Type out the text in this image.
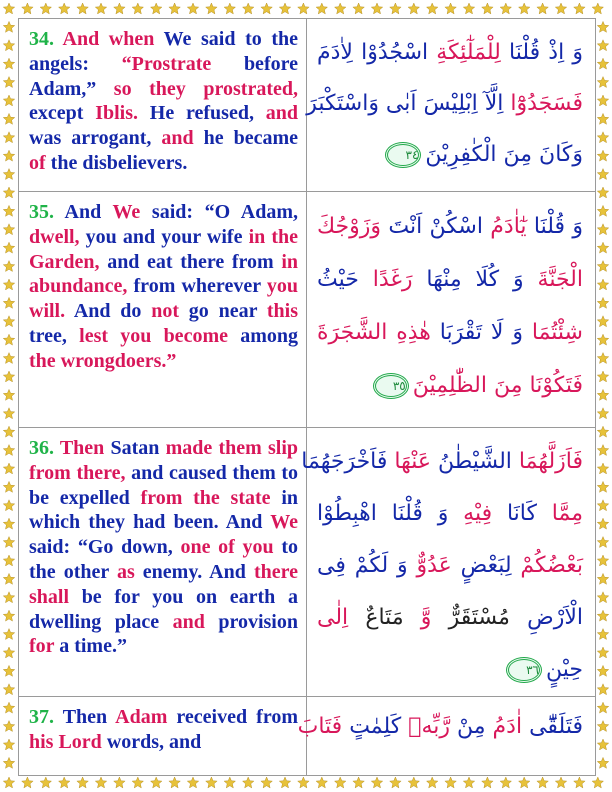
34. And when We said to the angels: “Prostrate before Adam,” so they prostrated, except Iblis. He refused, and was arrogant, and he became of the disbelievers.

وَ اِذْ قُلْنَا لِلْمَلٰٓئِكَةِ اسْجُدُوْا لِاٰدَمَ

فَسَجَدُوْٓا اِلَّآ اِبْلِيْسَ اَبٰى وَاسْتَكْبَرَ

وَكَانَ مِنَ الْكٰفِرِيْنَ٣٤

35. And We said: “O Adam, dwell, you and your wife in the Garden, and eat there from in abundance, from wherever you will. And do not go near this tree, lest you become among the wrongdoers.”

وَ قُلْنَا يٰٓاٰدَمُ اسْكُنْ اَنْتَ وَزَوْجُكَ

الْجَنَّةَ وَ كُلَا مِنْهَا رَغَدًا حَيْثُ

شِئْتُمَا وَ لَا تَقْرَبَا هٰذِهِ الشَّجَرَةَ

فَتَكُوْنَا مِنَ الظّٰلِمِيْنَ٣٥

36. Then Satan made them slip from there, and caused them to be expelled from the state in which they had been. And We said: “Go down, one of you to the other as enemy. And there shall be for you on earth a dwelling place and provision for a time.”

فَاَزَلَّهُمَا الشَّيْطٰنُ عَنْهَا فَاَخْرَجَهُمَا

مِمَّا كَانَا فِيْهِ وَ قُلْنَا اهْبِطُوْا

بَعْضُكُمْ لِبَعْضٍ عَدُوٌّ وَ لَكُمْ فِى

الْاَرْضِ مُسْتَقَرٌّ وَّ مَتَاعٌ اِلٰى

حِيْنٍ٣٦

37. Then Adam received from his Lord words, and

فَتَلَقّٰٓى اٰدَمُ مِنْ رَّبِّهٖ كَلِمٰتٍ فَتَابَ
